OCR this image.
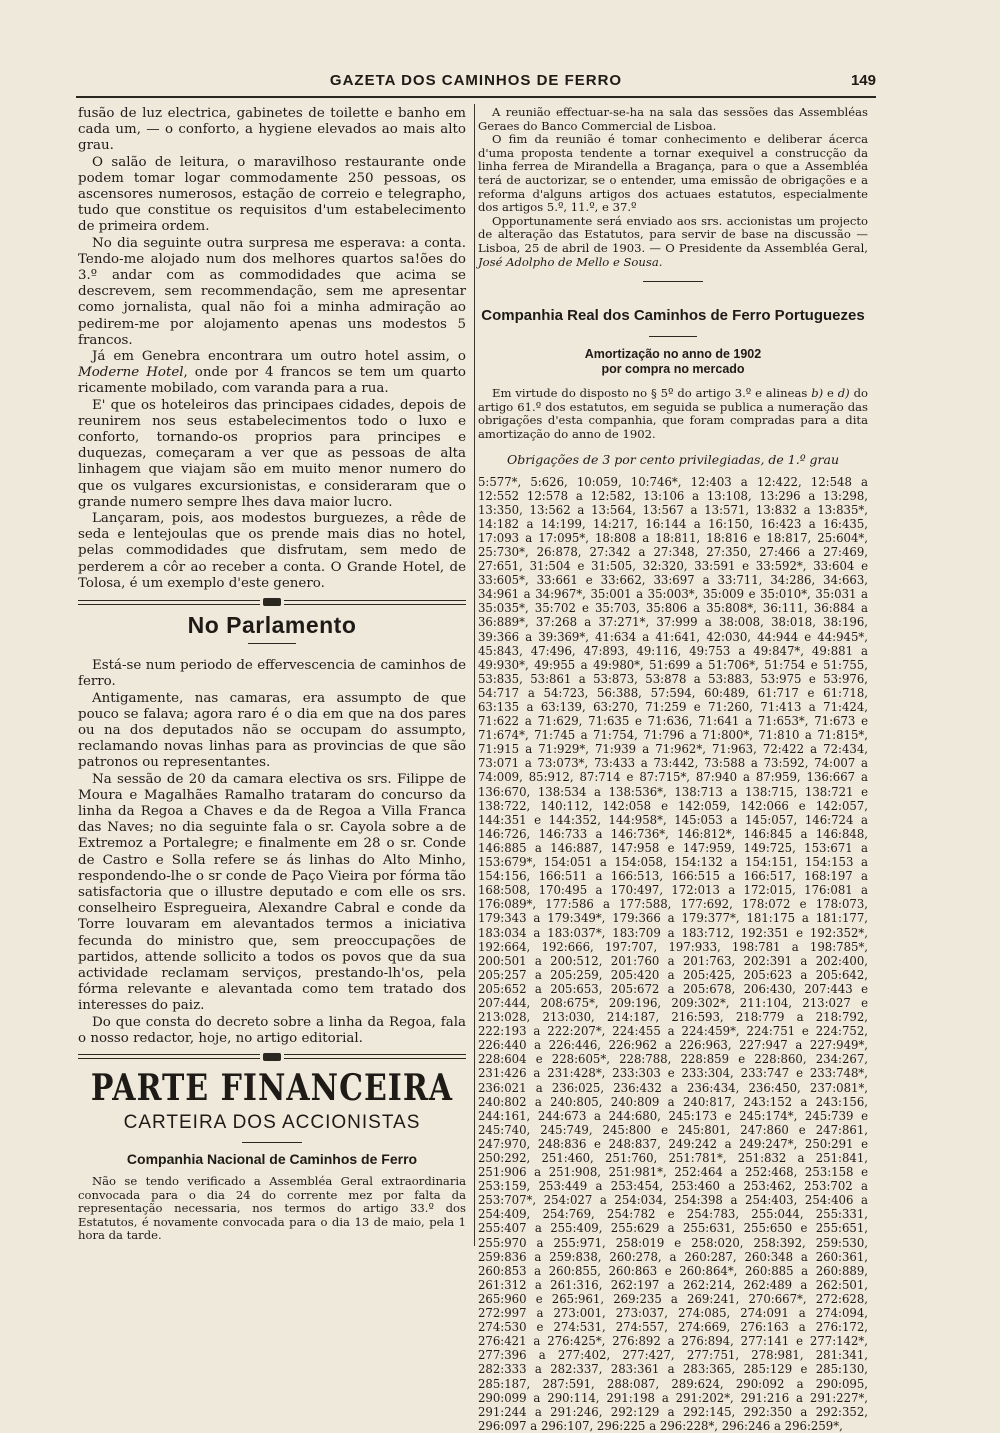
GAZETA DOS CAMINHOS DE FERRO	149

fusão de luz electrica, gabinetes de toilette e banho em cada um, — o conforto, a hygiene elevados ao mais alto grau.

O salão de leitura, o maravilhoso restaurante onde podem tomar logar commodamente 250 pessoas, os ascensores numerosos, estação de correio e telegrapho, tudo que constitue os requisitos d'um estabelecimento de primeira ordem.

No dia seguinte outra surpresa me esperava: a conta. Tendo-me alojado num dos melhores quartos sa!ões do 3.º andar com as commodidades que acima se descrevem, sem recommendação, sem me apresentar como jornalista, qual não foi a minha admiração ao pedirem-me por alojamento apenas uns modestos 5 francos.

Já em Genebra encontrara um outro hotel assim, o Moderne Hotel, onde por 4 francos se tem um quarto ricamente mobilado, com varanda para a rua.

E' que os hoteleiros das principaes cidades, depois de reunirem nos seus estabelecimentos todo o luxo e conforto, tornando-os proprios para principes e duquezas, começaram a ver que as pessoas de alta linhagem que viajam são em muito menor numero do que os vulgares excursionistas, e consideraram que o grande numero sempre lhes dava maior lucro.

Lançaram, pois, aos modestos burguezes, a rêde de seda e lentejoulas que os prende mais dias no hotel, pelas commodidades que disfrutam, sem medo de perderem a côr ao receber a conta. O Grande Hotel, de Tolosa, é um exemplo d'este genero.

No Parlamento

Está-se num periodo de effervescencia de caminhos de ferro.

Antigamente, nas camaras, era assumpto de que pouco se falava; agora raro é o dia em que na dos pares ou na dos deputados não se occupam do assumpto, reclamando novas linhas para as provincias de que são patronos ou representantes.

Na sessão de 20 da camara electiva os srs. Filippe de Moura e Magalhães Ramalho trataram do concurso da linha da Regoa a Chaves e da de Regoa a Villa Franca das Naves; no dia seguinte fala o sr. Cayola sobre a de Extremoz a Portalegre; e finalmente em 28 o sr. Conde de Castro e Solla refere se ás linhas do Alto Minho, respondendo-lhe o sr conde de Paço Vieira por fórma tão satisfactoria que o illustre deputado e com elle os srs. conselheiro Espregueira, Alexandre Cabral e conde da Torre louvaram em alevantados termos a iniciativa fecunda do ministro que, sem preoccupações de partidos, attende sollicito a todos os povos que da sua actividade reclamam serviços, prestando-lh'os, pela fórma relevante e alevantada como tem tratado dos interesses do paiz.

Do que consta do decreto sobre a linha da Regoa, fala o nosso redactor, hoje, no artigo editorial.

PARTE FINANCEIRA
CARTEIRA DOS ACCIONISTAS
Companhia Nacional de Caminhos de Ferro

Não se tendo verificado a Assembléa Geral extraordinaria convocada para o dia 24 do corrente mez por falta da representação necessaria, nos termos do artigo 33.º dos Estatutos, é novamente convocada para o dia 13 de maio, pela 1 hora da tarde.

A reunião effectuar-se-ha na sala das sessões das Assembléas Geraes do Banco Commercial de Lisboa.

O fim da reunião é tomar conhecimento e deliberar ácerca d'uma proposta tendente a tornar exequivel a construcção da linha ferrea de Mirandella a Bragança, para o que a Assembléa terá de auctorizar, se o entender, uma emissão de obrigações e a reforma d'alguns artigos dos actuaes estatutos, especialmente dos artigos 5.º, 11.º, e 37.º

Opportunamente será enviado aos srs. accionistas um projecto de alteração das Estatutos, para servir de base na discussão — Lisboa, 25 de abril de 1903. — O Presidente da Assembléa Geral, José Adolpho de Mello e Sousa.

Companhia Real dos Caminhos de Ferro Portuguezes
Amortização no anno de 1902
por compra no mercado

Em virtude do disposto no § 5º do artigo 3.º e alineas b) e d) do artigo 61.º dos estatutos, em seguida se publica a numeração das obrigações d'esta companhia, que foram compradas para a dita amortização do anno de 1902.

Obrigações de 3 por cento privilegiadas, de 1.º grau

5:577*, 5:626, 10:059, 10:746*, 12:403 a 12:422, 12:548 a 12:552 12:578 a 12:582, 13:106 a 13:108, 13:296 a 13:298, 13:350, 13:562 a 13:564, 13:567 a 13:571, 13:832 a 13:835*, 14:182 a 14:199, 14:217, 16:144 a 16:150, 16:423 a 16:435, 17:093 a 17:095*, 18:808 a 18:811, 18:816 e 18:817, 25:604*, 25:730*, 26:878, 27:342 a 27:348, 27:350, 27:466 a 27:469, 27:651, 31:504 e 31:505, 32:320, 33:591 e 33:592*, 33:604 e 33:605*, 33:661 e 33:662, 33:697 a 33:711, 34:286, 34:663, 34:961 a 34:967*, 35:001 a 35:003*, 35:009 e 35:010*, 35:031 a 35:035*, 35:702 e 35:703, 35:806 a 35:808*, 36:111, 36:884 a 36:889*, 37:268 a 37:271*, 37:999 a 38:008, 38:018, 38:196, 39:366 a 39:369*, 41:634 a 41:641, 42:030, 44:944 e 44:945*, 45:843, 47:496, 47:893, 49:116, 49:753 a 49:847*, 49:881 a 49:930*, 49:955 a 49:980*, 51:699 a 51:706*, 51:754 e 51:755, 53:835, 53:861 a 53:873, 53:878 a 53:883, 53:975 e 53:976, 54:717 a 54:723, 56:388, 57:594, 60:489, 61:717 e 61:718, 63:135 a 63:139, 63:270, 71:259 e 71:260, 71:413 a 71:424, 71:622 a 71:629, 71:635 e 71:636, 71:641 a 71:653*, 71:673 e 71:674*, 71:745 a 71:754, 71:796 a 71:800*, 71:810 a 71:815*, 71:915 a 71:929*, 71:939 a 71:962*, 71:963, 72:422 a 72:434, 73:071 a 73:073*, 73:433 a 73:442, 73:588 a 73:592, 74:007 a 74:009, 85:912, 87:714 e 87:715*, 87:940 a 87:959, 136:667 a 136:670, 138:534 a 138:536*, 138:713 a 138:715, 138:721 e 138:722, 140:112, 142:058 e 142:059, 142:066 e 142:057, 144:351 e 144:352, 144:958*, 145:053 a 145:057, 146:724 a 146:726, 146:733 a 146:736*, 146:812*, 146:845 a 146:848, 146:885 a 146:887, 147:958 e 147:959, 149:725, 153:671 a 153:679*, 154:051 a 154:058, 154:132 a 154:151, 154:153 a 154:156, 166:511 a 166:513, 166:515 a 166:517, 168:197 a 168:508, 170:495 a 170:497, 172:013 a 172:015, 176:081 a 176:089*, 177:586 a 177:588, 177:692, 178:072 e 178:073, 179:343 a 179:349*, 179:366 a 179:377*, 181:175 a 181:177, 183:034 a 183:037*, 183:709 a 183:712, 192:351 e 192:352*, 192:664, 192:666, 197:707, 197:933, 198:781 a 198:785*, 200:501 a 200:512, 201:760 a 201:763, 202:391 a 202:400, 205:257 a 205:259, 205:420 a 205:425, 205:623 a 205:642, 205:652 a 205:653, 205:672 a 205:678, 206:430, 207:443 e 207:444, 208:675*, 209:196, 209:302*, 211:104, 213:027 e 213:028, 213:030, 214:187, 216:593, 218:779 a 218:792, 222:193 a 222:207*, 224:455 a 224:459*, 224:751 e 224:752, 226:440 a 226:446, 226:962 a 226:963, 227:947 a 227:949*, 228:604 e 228:605*, 228:788, 228:859 e 228:860, 234:267, 231:426 a 231:428*, 233:303 e 233:304, 233:747 e 233:748*, 236:021 a 236:025, 236:432 a 236:434, 236:450, 237:081*, 240:802 a 240:805, 240:809 a 240:817, 243:152 a 243:156, 244:161, 244:673 a 244:680, 245:173 e 245:174*, 245:739 e 245:740, 245:749, 245:800 e 245:801, 247:860 e 247:861, 247:970, 248:836 e 248:837, 249:242 a 249:247*, 250:291 e 250:292, 251:460, 251:760, 251:781*, 251:832 a 251:841, 251:906 a 251:908, 251:981*, 252:464 a 252:468, 253:158 e 253:159, 253:449 a 253:454, 253:460 a 253:462, 253:702 a 253:707*, 254:027 a 254:034, 254:398 a 254:403, 254:406 a 254:409, 254:769, 254:782 e 254:783, 255:044, 255:331, 255:407 a 255:409, 255:629 a 255:631, 255:650 e 255:651, 255:970 a 255:971, 258:019 e 258:020, 258:392, 259:530, 259:836 a 259:838, 260:278, a 260:287, 260:348 a 260:361, 260:853 a 260:855, 260:863 e 260:864*, 260:885 a 260:889, 261:312 a 261:316, 262:197 a 262:214, 262:489 a 262:501, 265:960 e 265:961, 269:235 a 269:241, 270:667*, 272:628, 272:997 a 273:001, 273:037, 274:085, 274:091 a 274:094, 274:530 e 274:531, 274:557, 274:669, 276:163 a 276:172, 276:421 a 276:425*, 276:892 a 276:894, 277:141 e 277:142*, 277:396 a 277:402, 277:427, 277:751, 278:981, 281:341, 282:333 a 282:337, 283:361 a 283:365, 285:129 e 285:130, 285:187, 287:591, 288:087, 289:624, 290:092 a 290:095, 290:099 a 290:114, 291:198 a 291:202*, 291:216 a 291:227*, 291:244 a 291:246, 292:129 a 292:145, 292:350 a 292:352, 296:097 a 296:107, 296:225 a 296:228*, 296:246 a 296:259*,
